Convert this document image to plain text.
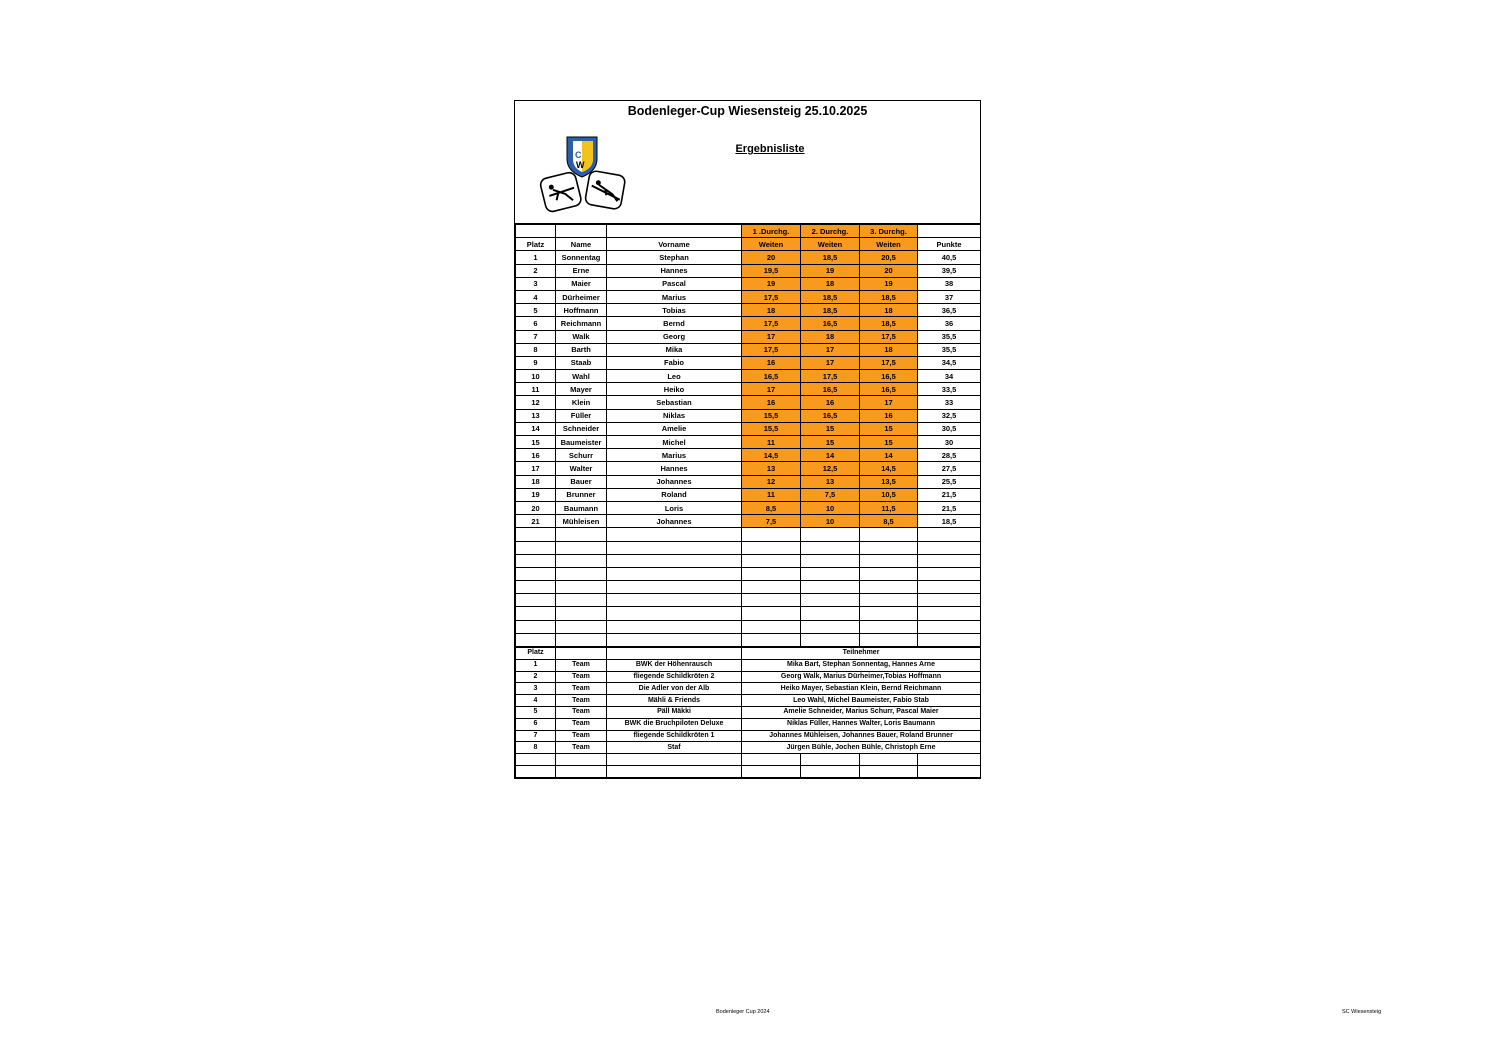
Bodenleger-Cup Wiesensteig 25.10.2025
C
W
Ergebnisliste
			1 .Durchg.	2. Durchg.	3. Durchg.	
Platz	Name	Vorname	Weiten	Weiten	Weiten	Punkte
1	Sonnentag	Stephan	20	18,5	20,5	40,5
2	Erne	Hannes	19,5	19	20	39,5
3	Maier	Pascal	19	18	19	38
4	Dürheimer	Marius	17,5	18,5	18,5	37
5	Hoffmann	Tobias	18	18,5	18	36,5
6	Reichmann	Bernd	17,5	16,5	18,5	36
7	Walk	Georg	17	18	17,5	35,5
8	Barth	Mika	17,5	17	18	35,5
9	Staab	Fabio	16	17	17,5	34,5
10	Wahl	Leo	16,5	17,5	16,5	34
11	Mayer	Heiko	17	16,5	16,5	33,5
12	Klein	Sebastian	16	16	17	33
13	Füller	Niklas	15,5	16,5	16	32,5
14	Schneider	Amelie	15,5	15	15	30,5
15	Baumeister	Michel	11	15	15	30
16	Schurr	Marius	14,5	14	14	28,5
17	Walter	Hannes	13	12,5	14,5	27,5
18	Bauer	Johannes	12	13	13,5	25,5
19	Brunner	Roland	11	7,5	10,5	21,5
20	Baumann	Loris	8,5	10	11,5	21,5
21	Mühleisen	Johannes	7,5	10	8,5	18,5

Platz			Teilnehmer			
1	Team	BWK der Höhenrausch	Mika Bart, Stephan Sonnentag, Hannes Arne			
2	Team	fliegende Schildkröten 2	Georg Walk, Marius Dürheimer,Tobias Hoffmann			
3	Team	Die Adler von der Alb	Heiko Mayer, Sebastian Klein, Bernd Reichmann			
4	Team	Mähli & Friends	Leo Wahl, Michel Baumeister, Fabio Stab			
5	Team	Päll Mäkki	Amelie Schneider, Marius Schurr, Pascal Maier			
6	Team	BWK die Bruchpiloten Deluxe	Niklas Füller, Hannes Walter, Loris Baumann			
7	Team	fliegende Schildkröten 1	Johannes Mühleisen, Johannes Bauer, Roland Brunner			
8	Team	Staf	Jürgen Bühle, Jochen Bühle, Christoph Erne			

Bodenleger Cup 2024	SC Wiesensteig
